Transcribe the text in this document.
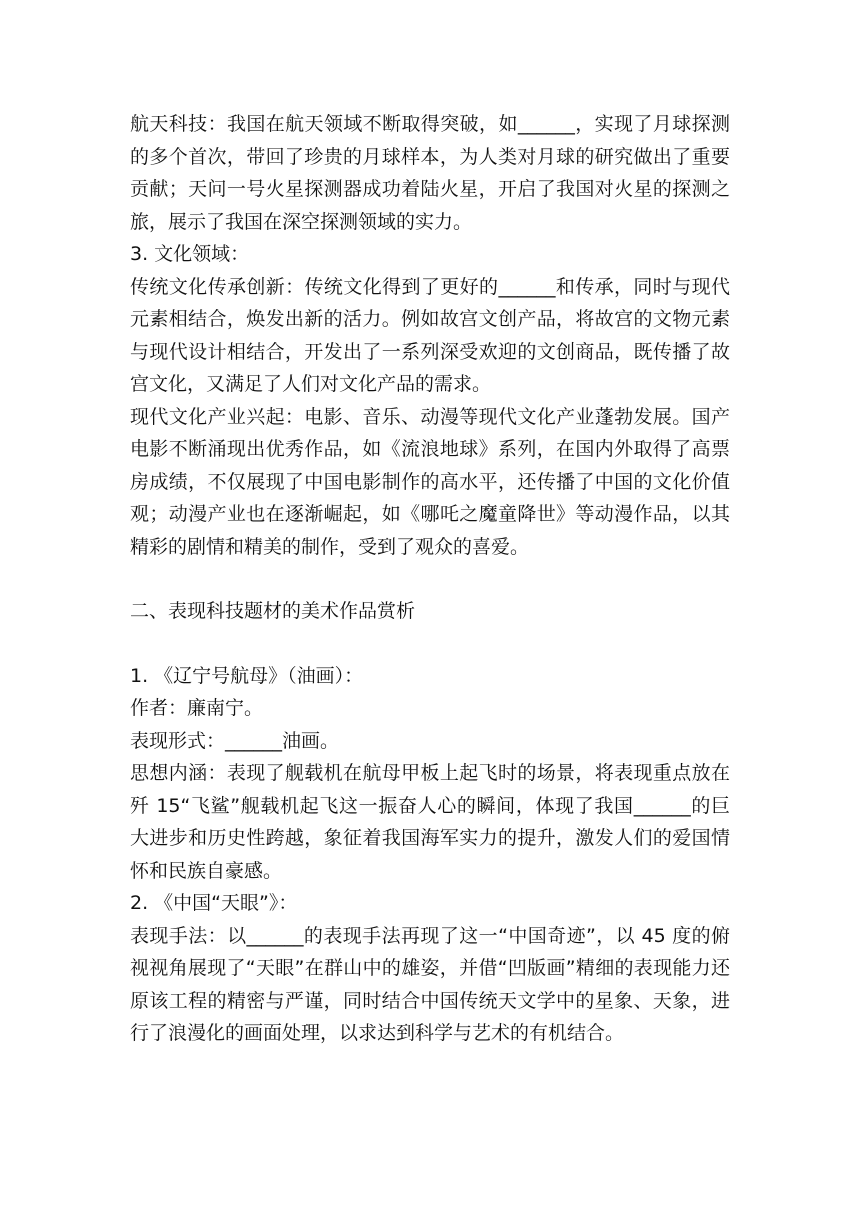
航天科技：我国在航天领域不断取得突破，如______，实现了月球探测的多个首次，带回了珍贵的月球样本，为人类对月球的研究做出了重要贡献；天问一号火星探测器成功着陆火星，开启了我国对火星的探测之旅，展示了我国在深空探测领域的实力。

3. 文化领域：

传统文化传承创新：传统文化得到了更好的______和传承，同时与现代元素相结合，焕发出新的活力。例如故宫文创产品，将故宫的文物元素与现代设计相结合，开发出了一系列深受欢迎的文创商品，既传播了故宫文化，又满足了人们对文化产品的需求。

现代文化产业兴起：电影、音乐、动漫等现代文化产业蓬勃发展。国产电影不断涌现出优秀作品，如《流浪地球》系列，在国内外取得了高票房成绩，不仅展现了中国电影制作的高水平，还传播了中国的文化价值观；动漫产业也在逐渐崛起，如《哪吒之魔童降世》等动漫作品，以其精彩的剧情和精美的制作，受到了观众的喜爱。

二、表现科技题材的美术作品赏析

1. 《辽宁号航母》（油画）：

作者：廉南宁。

表现形式：______油画。

思想内涵：表现了舰载机在航母甲板上起飞时的场景，将表现重点放在歼 15“飞鲨”舰载机起飞这一振奋人心的瞬间，体现了我国______的巨大进步和历史性跨越，象征着我国海军实力的提升，激发人们的爱国情怀和民族自豪感。

2. 《中国“天眼”》：

表现手法：以______的表现手法再现了这一“中国奇迹”，以 45 度的俯视视角展现了“天眼”在群山中的雄姿，并借“凹版画”精细的表现能力还原该工程的精密与严谨，同时结合中国传统天文学中的星象、天象，进行了浪漫化的画面处理，以求达到科学与艺术的有机结合。
